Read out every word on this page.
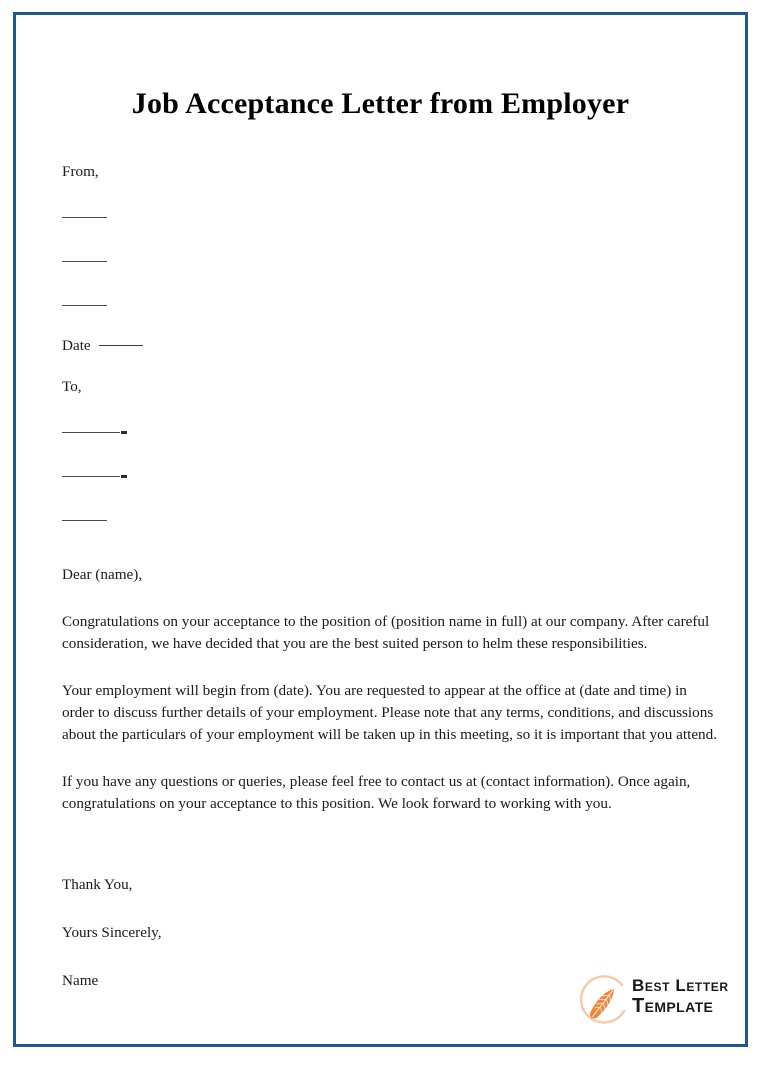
Job Acceptance Letter from Employer

From,

Date

To,

Dear (name),

Congratulations on your acceptance to the position of (position name in full) at our company. After careful consideration, we have decided that you are the best suited person to helm these responsibilities.

Your employment will begin from (date). You are requested to appear at the office at (date and time) in order to discuss further details of your employment. Please note that any terms, conditions, and discussions about the particulars of your employment will be taken up in this meeting, so it is important that you attend.

If you have any questions or queries, please feel free to contact us at (contact information). Once again, congratulations on your acceptance to this position. We look forward to working with you.

Thank You,

Yours Sincerely,

Name	Best Letter
Template
